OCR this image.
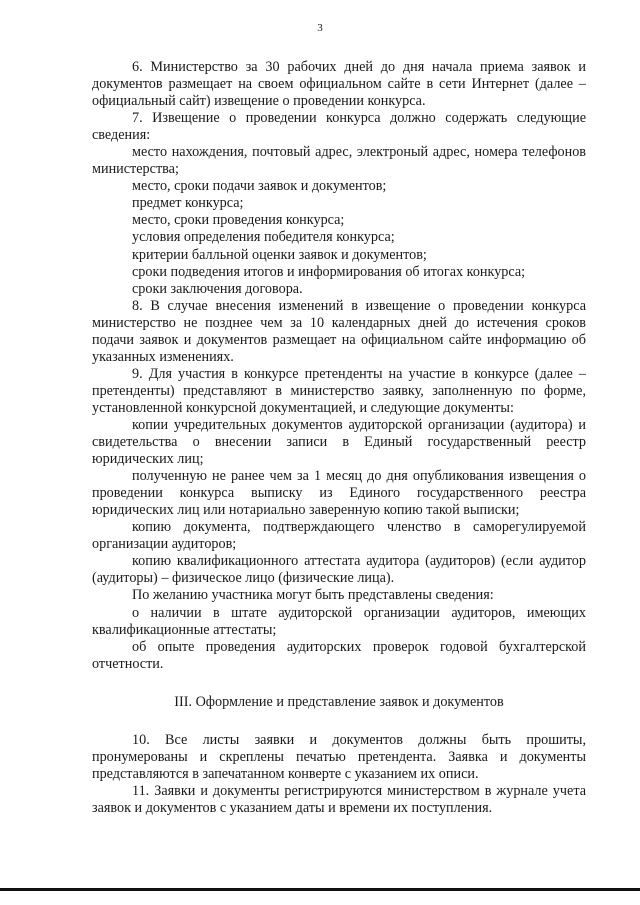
3

6. Министерство за 30 рабочих дней до дня начала приема заявок и документов размещает на своем официальном сайте в сети Интернет (далее – официальный сайт) извещение о проведении конкурса.

7. Извещение о проведении конкурса должно содержать следующие сведения:

место нахождения, почтовый адрес, электроный адрес, номера телефонов министерства;

место, сроки подачи заявок и документов;

предмет конкурса;

место, сроки проведения конкурса;

условия определения победителя конкурса;

критерии балльной оценки заявок и документов;

сроки подведения итогов и информирования об итогах конкурса;

сроки заключения договора.

8. В случае внесения изменений в извещение о проведении конкурса министерство не позднее чем за 10 календарных дней до истечения сроков подачи заявок и документов размещает на официальном сайте информацию об указанных изменениях.

9. Для участия в конкурсе претенденты на участие в конкурсе (далее – претенденты) представляют в министерство заявку, заполненную по форме, установленной конкурсной документацией, и следующие документы:

копии учредительных документов аудиторской организации (аудитора) и свидетельства о внесении записи в Единый государственный реестр юридических лиц;

полученную не ранее чем за 1 месяц до дня опубликования извещения о проведении конкурса выписку из Единого государственного реестра юридических лиц или нотариально заверенную копию такой выписки;

копию документа, подтверждающего членство в саморегулируемой организации аудиторов;

копию квалификационного аттестата аудитора (аудиторов) (если аудитор (аудиторы) – физическое лицо (физические лица).

По желанию участника могут быть представлены сведения:

о наличии в штате аудиторской организации аудиторов, имеющих квалификационные аттестаты;

об опыте проведения аудиторских проверок годовой бухгалтерской отчетности.

III. Оформление и представление заявок и документов

10. Все листы заявки и документов должны быть прошиты, пронумерованы и скреплены печатью претендента. Заявка и документы представляются в запечатанном конверте с указанием их описи.

11. Заявки и документы регистрируются министерством в журнале учета заявок и документов с указанием даты и времени их поступления.
